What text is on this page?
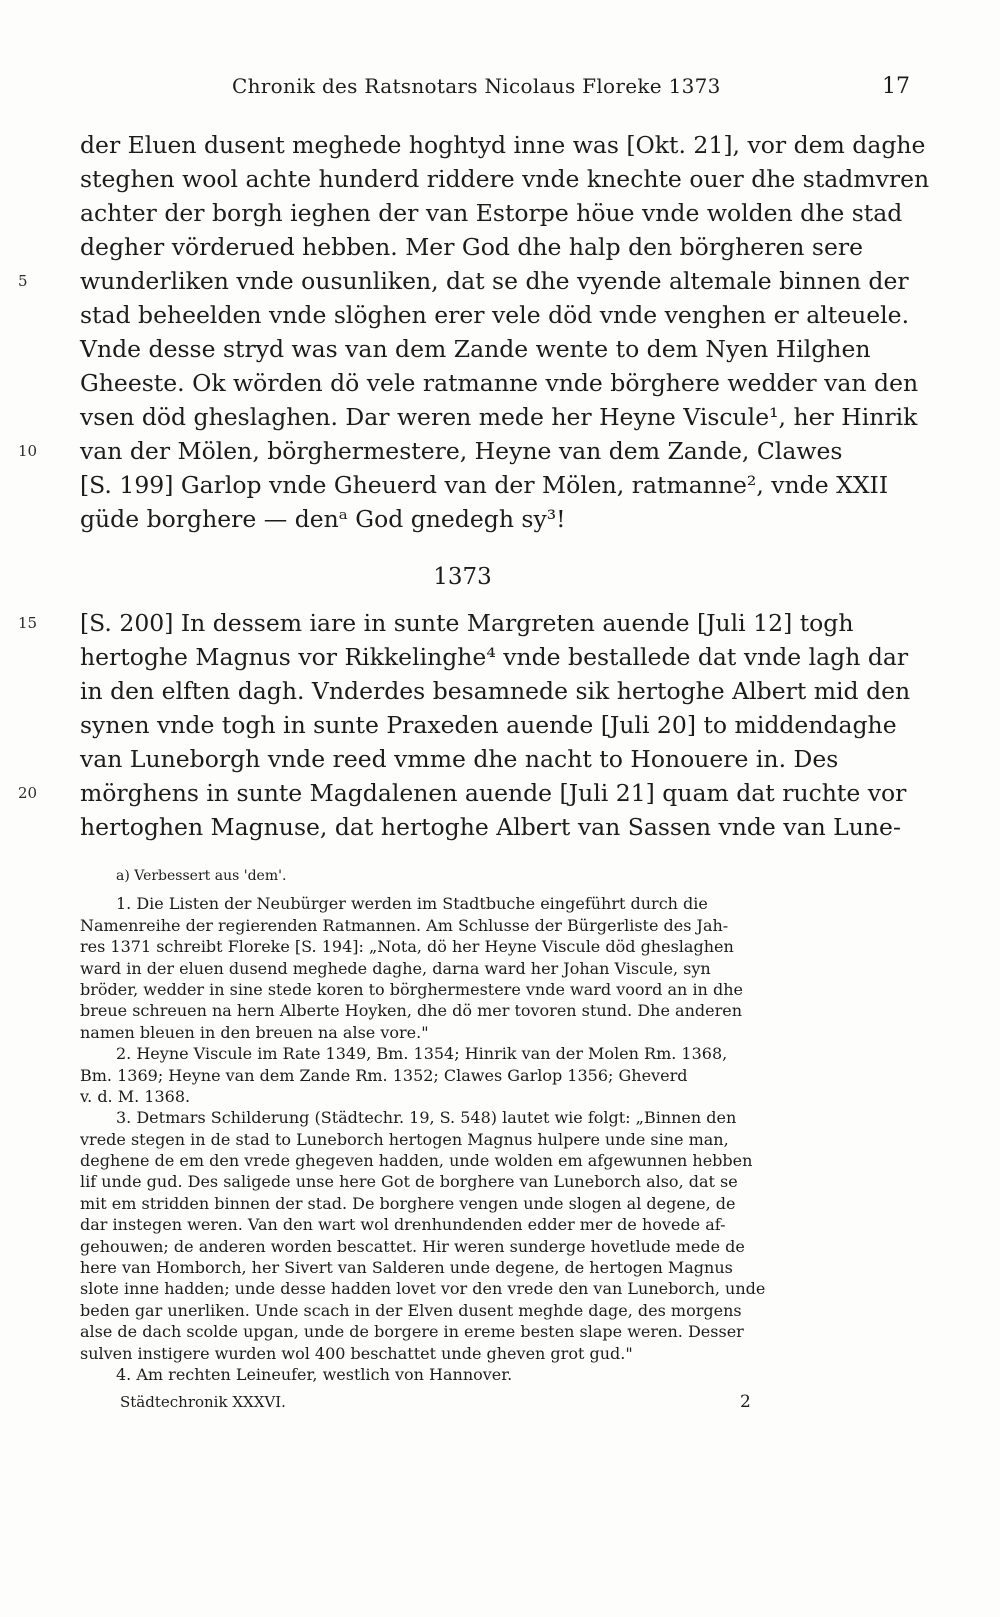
Chronik des Ratsnotars Nicolaus Floreke 1373	17
der Eluen dusent meghede hoghtyd inne was [Okt. 21], vor dem daghe
steghen wool achte hunderd riddere vnde knechte ouer dhe stadmvren
achter der borgh ieghen der van Estorpe höue vnde wolden dhe stad
degher vörderued hebben. Mer God dhe halp den börgheren sere
5	wunderliken vnde ousunliken, dat se dhe vyende altemale binnen der
stad beheelden vnde slöghen erer vele död vnde venghen er alteuele.
Vnde desse stryd was van dem Zande wente to dem Nyen Hilghen
Gheeste. Ok wörden dö vele ratmanne vnde börghere wedder van den
vsen död gheslaghen. Dar weren mede her Heyne Viscule¹, her Hinrik
10	van der Mölen, börghermestere, Heyne van dem Zande, Clawes
[S. 199] Garlop vnde Gheuerd van der Mölen, ratmanne², vnde XXII
güde borghere — denᵃ God gnedegh sy³!
1373
15	[S. 200] In dessem iare in sunte Margreten auende [Juli 12] togh
hertoghe Magnus vor Rikkelinghe⁴ vnde bestallede dat vnde lagh dar
in den elften dagh. Vnderdes besamnede sik hertoghe Albert mid den
synen vnde togh in sunte Praxeden auende [Juli 20] to middendaghe
van Luneborgh vnde reed vmme dhe nacht to Honouere in. Des
20	mörghens in sunte Magdalenen auende [Juli 21] quam dat ruchte vor
hertoghen Magnuse, dat hertoghe Albert van Sassen vnde van Lune-
a) Verbessert aus 'dem'.
1. Die Listen der Neubürger werden im Stadtbuche eingeführt durch die
Namenreihe der regierenden Ratmannen. Am Schlusse der Bürgerliste des Jah-
res 1371 schreibt Floreke [S. 194]: „Nota, dö her Heyne Viscule död gheslaghen
ward in der eluen dusend meghede daghe, darna ward her Johan Viscule, syn
bröder, wedder in sine stede koren to börghermestere vnde ward voord an in dhe
breue schreuen na hern Alberte Hoyken, dhe dö mer tovoren stund. Dhe anderen
namen bleuen in den breuen na alse vore."
2. Heyne Viscule im Rate 1349, Bm. 1354; Hinrik van der Molen Rm. 1368,
Bm. 1369; Heyne van dem Zande Rm. 1352; Clawes Garlop 1356; Gheverd
v. d. M. 1368.
3. Detmars Schilderung (Städtechr. 19, S. 548) lautet wie folgt: „Binnen den
vrede stegen in de stad to Luneborch hertogen Magnus hulpere unde sine man,
deghene de em den vrede ghegeven hadden, unde wolden em afgewunnen hebben
lif unde gud. Des saligede unse here Got de borghere van Luneborch also, dat se
mit em stridden binnen der stad. De borghere vengen unde slogen al degene, de
dar instegen weren. Van den wart wol drenhundenden edder mer de hovede af-
gehouwen; de anderen worden bescattet. Hir weren sunderge hovetlude mede de
here van Homborch, her Sivert van Salderen unde degene, de hertogen Magnus
slote inne hadden; unde desse hadden lovet vor den vrede den van Luneborch, unde
beden gar unerliken. Unde scach in der Elven dusent meghde dage, des morgens
alse de dach scolde upgan, unde de borgere in ereme besten slape weren. Desser
sulven instigere wurden wol 400 beschattet unde gheven grot gud."
4. Am rechten Leineufer, westlich von Hannover.
Städtechronik XXXVI.	2
